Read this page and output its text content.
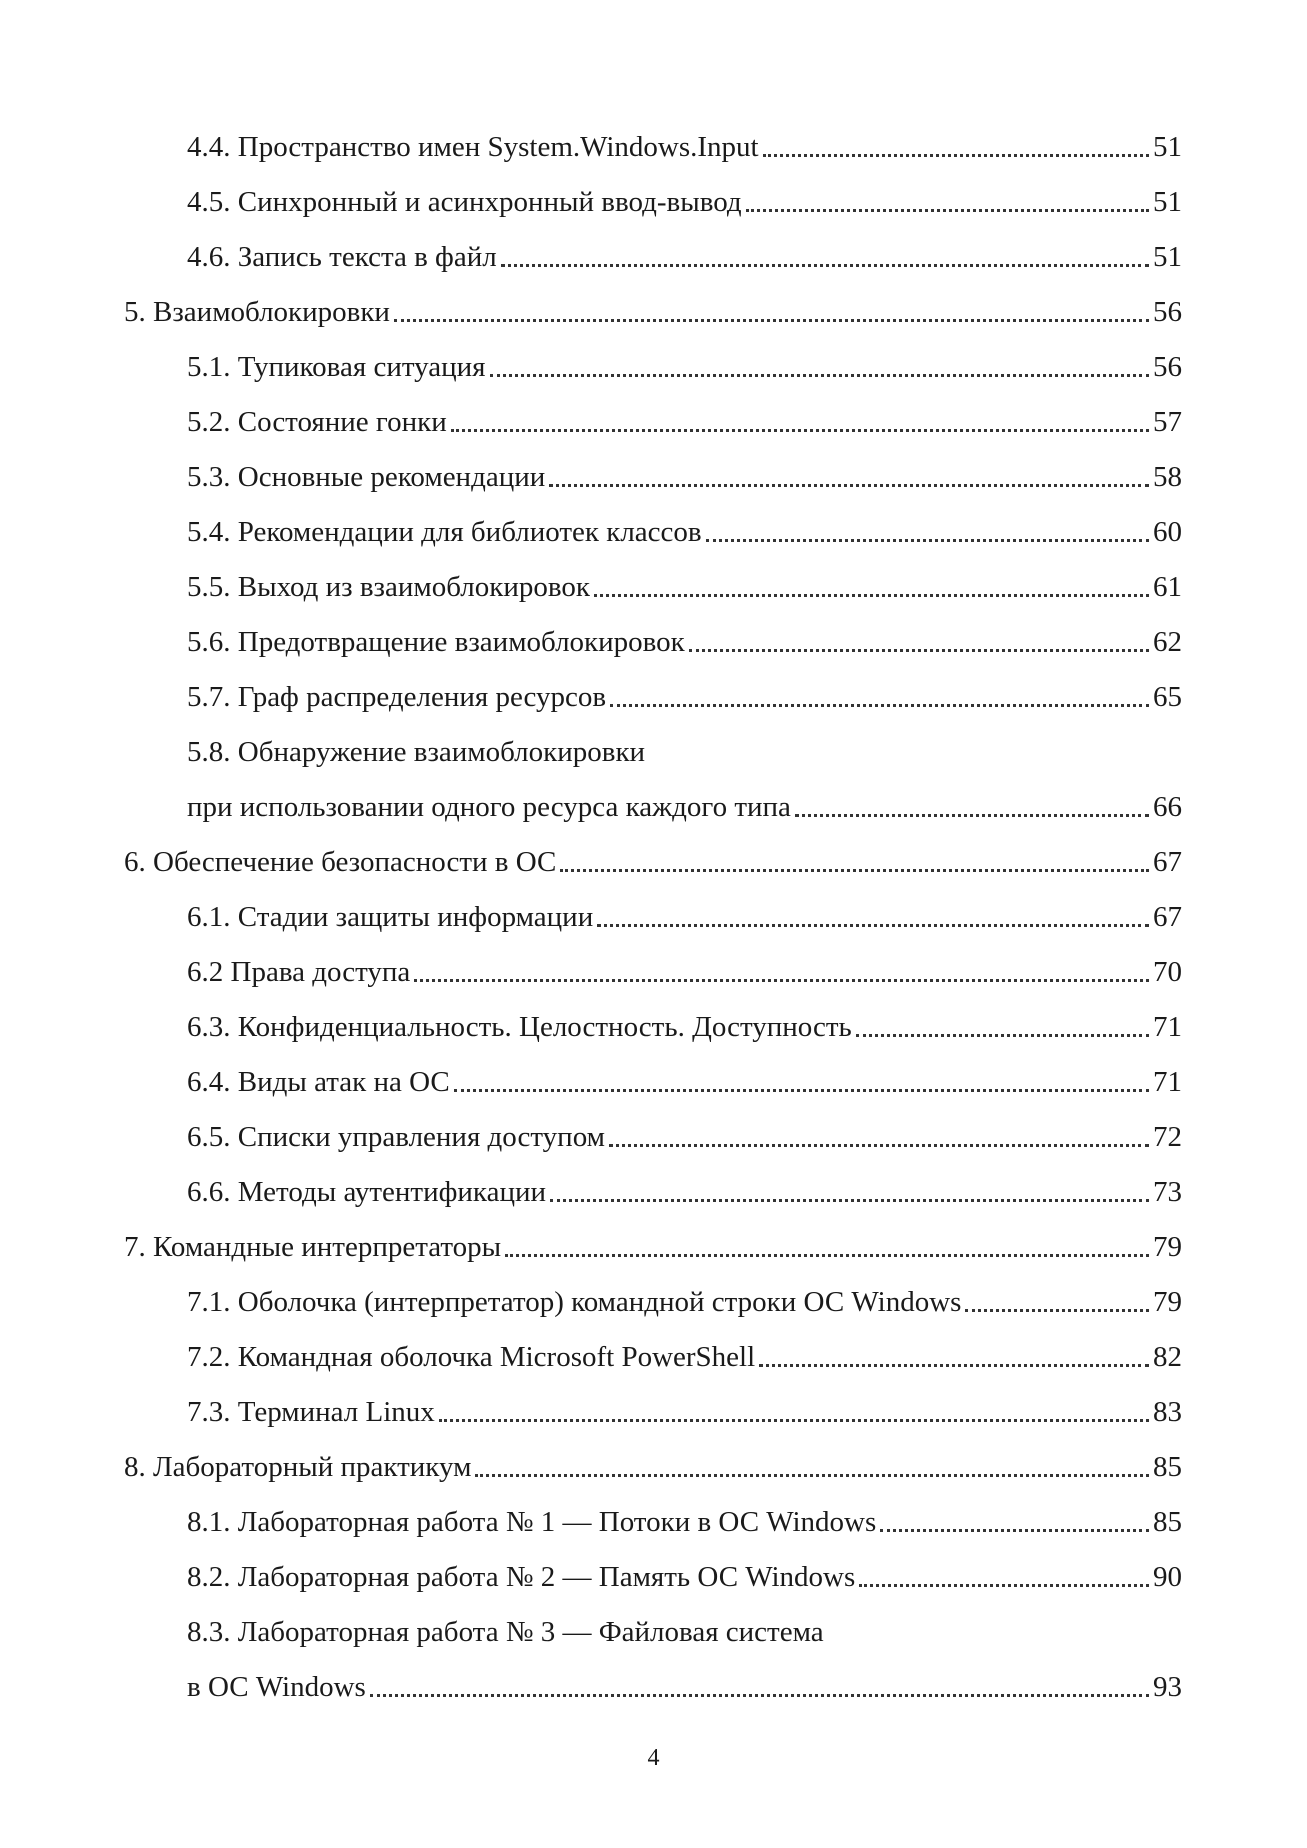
4.4. Пространство имен System.Windows.Input	51
4.5. Синхронный и асинхронный ввод-вывод	51
4.6. Запись текста в файл	51
5. Взаимоблокировки	56
5.1. Тупиковая ситуация	56
5.2. Состояние гонки	57
5.3. Основные рекомендации	58
5.4. Рекомендации для библиотек классов	60
5.5. Выход из взаимоблокировок	61
5.6. Предотвращение взаимоблокировок	62
5.7. Граф распределения ресурсов	65
5.8. Обнаружение взаимоблокировки
при использовании одного ресурса каждого типа	66
6. Обеспечение безопасности в ОС	67
6.1. Стадии защиты информации	67
6.2 Права доступа	70
6.3. Конфиденциальность. Целостность. Доступность	71
6.4. Виды атак на ОС	71
6.5. Списки управления доступом	72
6.6. Методы аутентификации	73
7. Командные интерпретаторы	79
7.1. Оболочка (интерпретатор) командной строки ОС Windows	79
7.2. Командная оболочка Microsoft PowerShell	82
7.3. Терминал Linux	83
8. Лабораторный практикум	85
8.1. Лабораторная работа № 1 — Потоки в ОС Windows	85
8.2. Лабораторная работа № 2 — Память ОС Windows	90
8.3. Лабораторная работа № 3 — Файловая система
в ОС Windows	93
4
